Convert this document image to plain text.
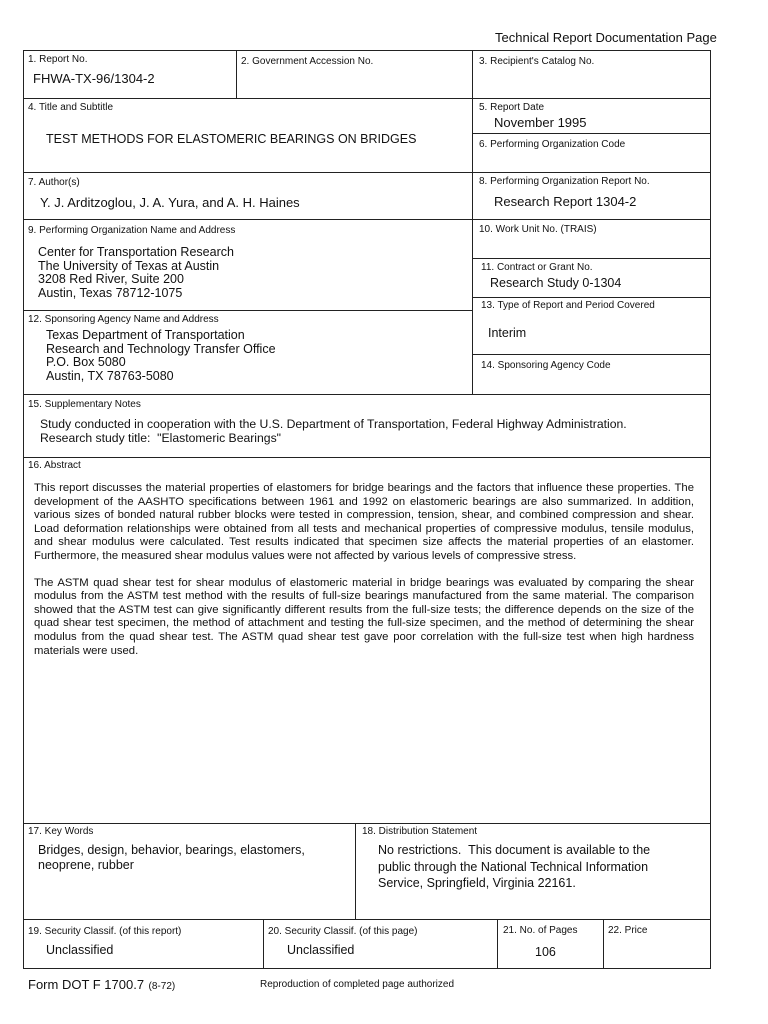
Technical Report Documentation Page
1. Report No.
FHWA-TX-96/1304-2
2. Government Accession No.	3. Recipient's Catalog No.
4. Title and Subtitle
TEST METHODS FOR ELASTOMERIC BEARINGS ON BRIDGES
5. Report Date
November 1995
6. Performing Organization Code
7. Author(s)
Y. J. Arditzoglou, J. A. Yura, and A. H. Haines
8. Performing Organization Report No.
Research Report 1304-2
9. Performing Organization Name and Address
Center for Transportation Research
The University of Texas at Austin
3208 Red River, Suite 200
Austin, Texas 78712-1075
10. Work Unit No. (TRAIS)
11. Contract or Grant No.
Research Study 0-1304
13. Type of Report and Period Covered
Interim
12. Sponsoring Agency Name and Address
Texas Department of Transportation
Research and Technology Transfer Office
P.O. Box 5080
Austin, TX 78763-5080
14. Sponsoring Agency Code
15. Supplementary Notes
Study conducted in cooperation with the U.S. Department of Transportation, Federal Highway Administration.
Research study title:  "Elastomeric Bearings"
16. Abstract

This report discusses the material properties of elastomers for bridge bearings and the factors that influence these properties. The development of the AASHTO specifications between 1961 and 1992 on elastomeric bearings are also summarized. In addition, various sizes of bonded natural rubber blocks were tested in compression, tension, shear, and combined compression and shear. Load deformation relationships were obtained from all tests and mechanical properties of compressive modulus, tensile modulus, and shear modulus were calculated. Test results indicated that specimen size affects the material properties of an elastomer. Furthermore, the measured shear modulus values were not affected by various levels of compressive stress.

The ASTM quad shear test for shear modulus of elastomeric material in bridge bearings was evaluated by comparing the shear modulus from the ASTM test method with the results of full-size bearings manufactured from the same material. The comparison showed that the ASTM test can give significantly different results from the full-size tests; the difference depends on the size of the quad shear test specimen, the method of attachment and testing the full-size specimen, and the method of determining the shear modulus from the quad shear test. The ASTM quad shear test gave poor correlation with the full-size test when high hardness materials were used.

17. Key Words
Bridges, design, behavior, bearings, elastomers,
neoprene, rubber
18. Distribution Statement
No restrictions.  This document is available to the
public through the National Technical Information
Service, Springfield, Virginia 22161.
19. Security Classif. (of this report)
Unclassified
20. Security Classif. (of this page)
Unclassified
21. No. of Pages
106
22. Price
Form DOT F 1700.7 (8-72)	Reproduction of completed page authorized
